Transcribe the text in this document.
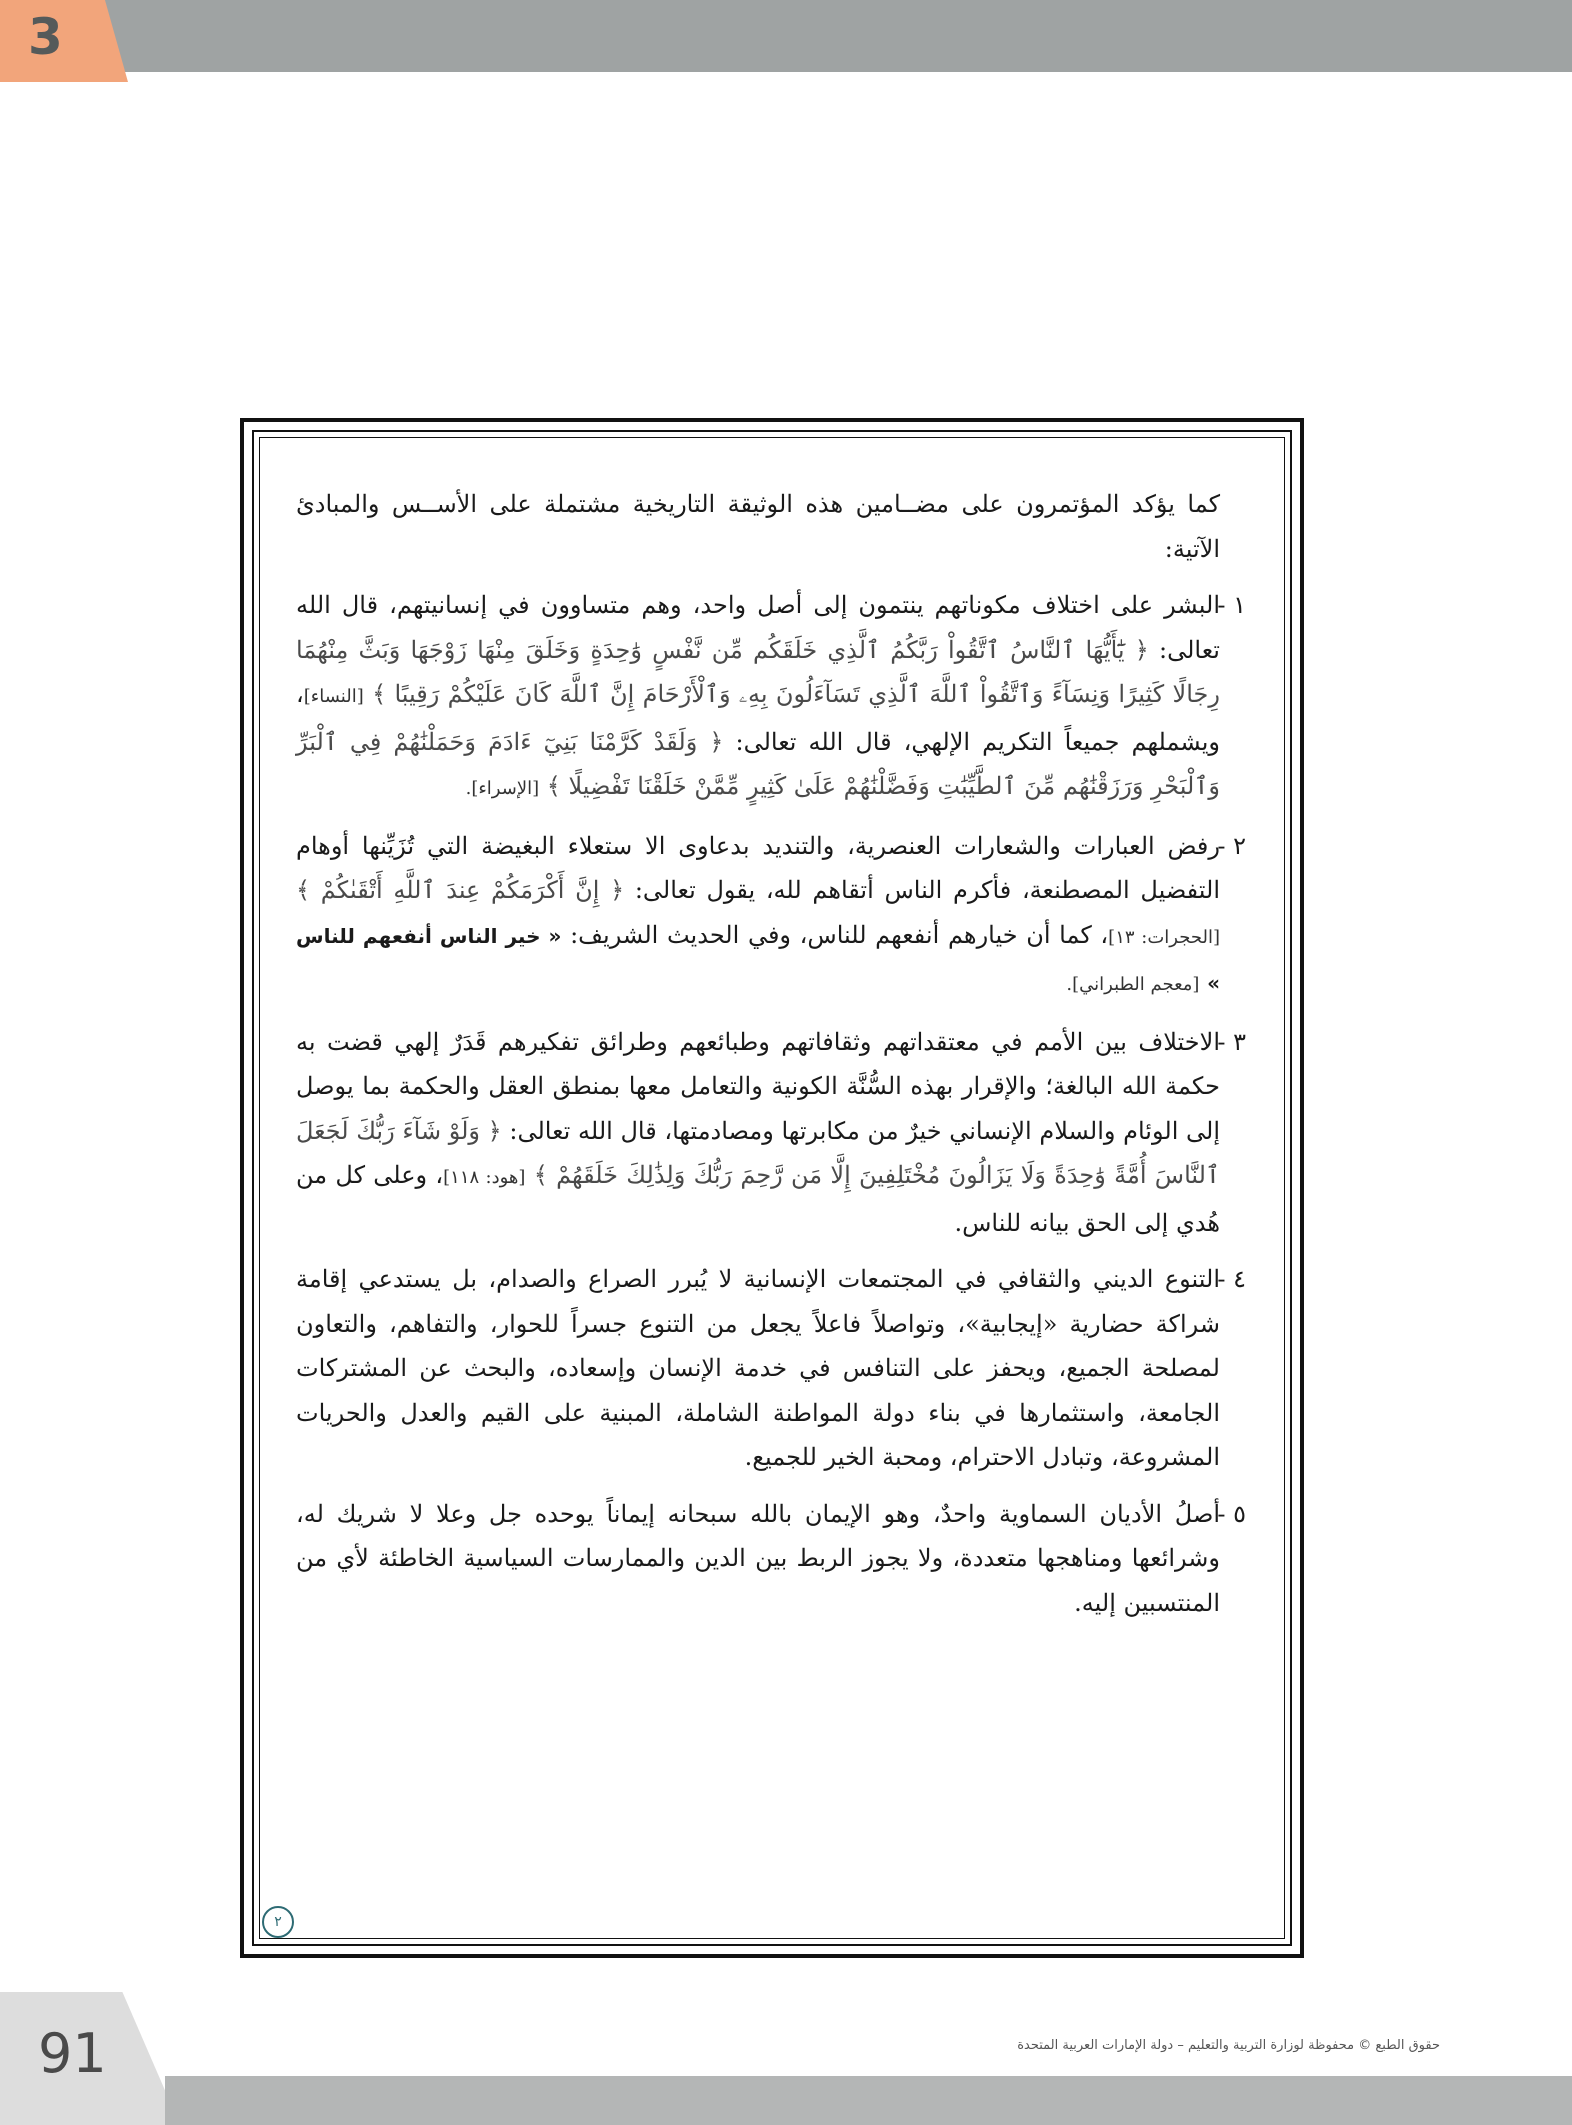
3

كما يؤكد المؤتمرون على مضــامين هذه الوثيقة التاريخية مشتملة على الأســس والمبادئ الآتية:

١ -
البشر على اختلاف مكوناتهم ينتمون إلى أصل واحد، وهم متساوون في إنسانيتهم، قال الله تعالى: ﴿ يَٰٓأَيُّهَا ٱلنَّاسُ ٱتَّقُواْ رَبَّكُمُ ٱلَّذِي خَلَقَكُم مِّن نَّفْسٍ وَٰحِدَةٍ وَخَلَقَ مِنْهَا زَوْجَهَا وَبَثَّ مِنْهُمَا رِجَالًا كَثِيرًا وَنِسَآءً وَٱتَّقُواْ ٱللَّهَ ٱلَّذِي تَسَآءَلُونَ بِهِۦ وَٱلْأَرْحَامَ إِنَّ ٱللَّهَ كَانَ عَلَيْكُمْ رَقِيبًا ﴾ [النساء]، ويشملهم جميعاً التكريم الإلهي، قال الله تعالى: ﴿ وَلَقَدْ كَرَّمْنَا بَنِيٓ ءَادَمَ وَحَمَلْنَٰهُمْ فِي ٱلْبَرِّ وَٱلْبَحْرِ وَرَزَقْنَٰهُم مِّنَ ٱلطَّيِّبَٰتِ وَفَضَّلْنَٰهُمْ عَلَىٰ كَثِيرٍ مِّمَّنْ خَلَقْنَا تَفْضِيلًا ﴾ [الإسراء].

٢ -
رفض العبارات والشعارات العنصرية، والتنديد بدعاوى الا ستعلاء البغيضة التي تُزَيِّنها أوهام التفضيل المصطنعة، فأكرم الناس أتقاهم لله، يقول تعالى: ﴿ إِنَّ أَكْرَمَكُمْ عِندَ ٱللَّهِ أَتْقَىٰكُمْ ﴾ [الحجرات: ١٣]، كما أن خيارهم أنفعهم للناس، وفي الحديث الشريف: « خير الناس أنفعهم للناس » [معجم الطبراني].

٣ -
الاختلاف بين الأمم في معتقداتهم وثقافاتهم وطبائعهم وطرائق تفكيرهم قَدَرٌ إلهي قضت به حكمة الله البالغة؛ والإقرار بهذه السُّنَّة الكونية والتعامل معها بمنطق العقل والحكمة بما يوصل إلى الوئام والسلام الإنساني خيرٌ من مكابرتها ومصادمتها، قال الله تعالى: ﴿ وَلَوْ شَآءَ رَبُّكَ لَجَعَلَ ٱلنَّاسَ أُمَّةً وَٰحِدَةً وَلَا يَزَالُونَ مُخْتَلِفِينَ إِلَّا مَن رَّحِمَ رَبُّكَ وَلِذَٰلِكَ خَلَقَهُمْ ﴾ [هود: ١١٨]، وعلى كل من هُدي إلى الحق بيانه للناس.

٤ -
التنوع الديني والثقافي في المجتمعات الإنسانية لا يُبرر الصراع والصدام، بل يستدعي إقامة شراكة حضارية «إيجابية»، وتواصلاً فاعلاً يجعل من التنوع جسراً للحوار، والتفاهم، والتعاون لمصلحة الجميع، ويحفز على التنافس في خدمة الإنسان وإسعاده، والبحث عن المشتركات الجامعة، واستثمارها في بناء دولة المواطنة الشاملة، المبنية على القيم والعدل والحريات المشروعة، وتبادل الاحترام، ومحبة الخير للجميع.

٥ -
أصلُ الأديان السماوية واحدٌ، وهو الإيمان بالله سبحانه إيماناً يوحده جل وعلا لا شريك له، وشرائعها ومناهجها متعددة، ولا يجوز الربط بين الدين والممارسات السياسية الخاطئة لأي من المنتسبين إليه.

٢
91	حقوق الطبع © محفوظة لوزارة التربية والتعليم – دولة الإمارات العربية المتحدة
